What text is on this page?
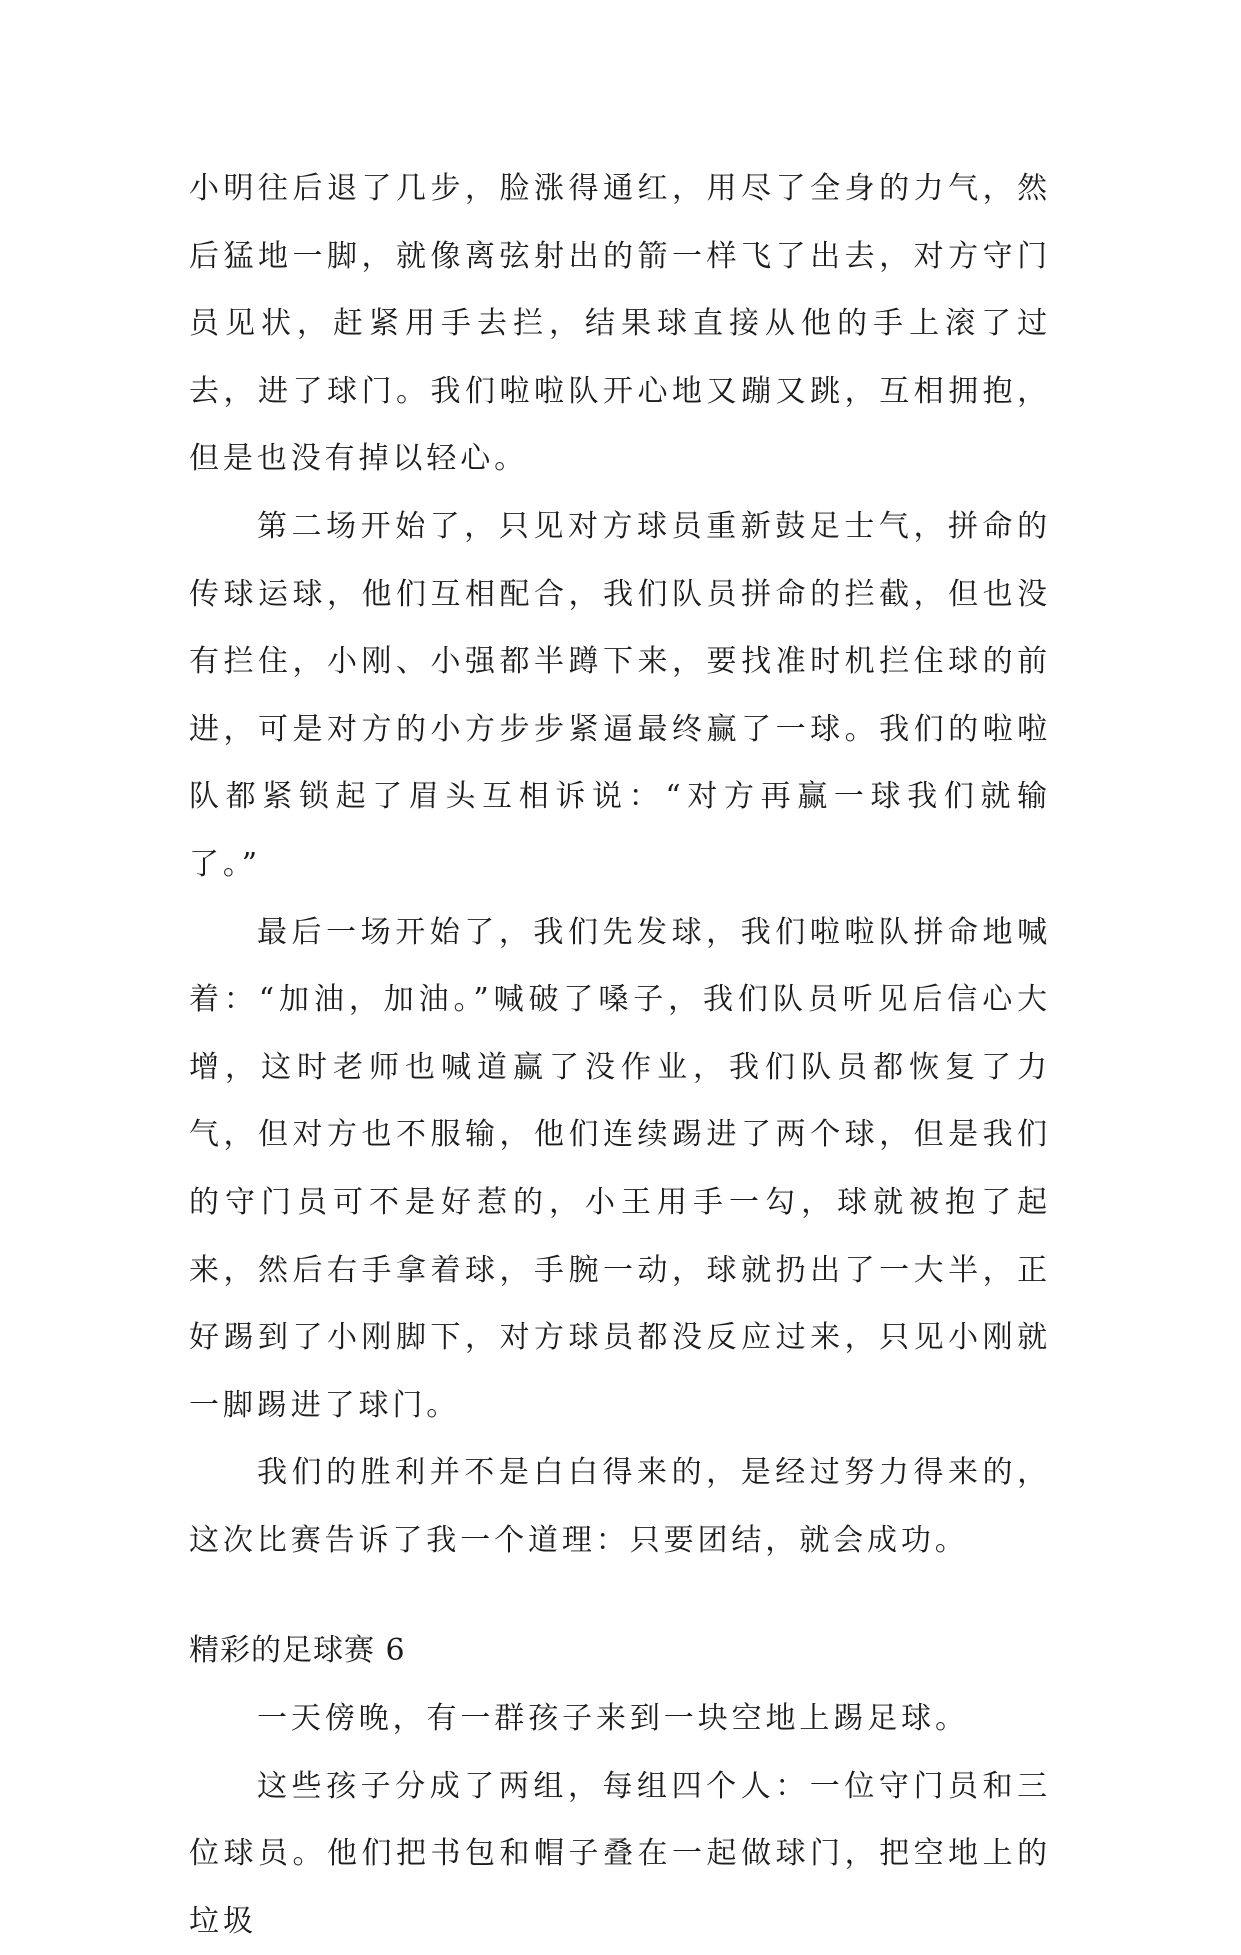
小明往后退了几步，脸涨得通红，用尽了全身的力气，然后猛地一脚，就像离弦射出的箭一样飞了出去，对方守门员见状，赶紧用手去拦，结果球直接从他的手上滚了过去，进了球门。我们啦啦队开心地又蹦又跳，互相拥抱，但是也没有掉以轻心。

第二场开始了，只见对方球员重新鼓足士气，拼命的传球运球，他们互相配合，我们队员拼命的拦截，但也没有拦住，小刚、小强都半蹲下来，要找准时机拦住球的前进，可是对方的小方步步紧逼最终赢了一球。我们的啦啦队都紧锁起了眉头互相诉说：“对方再赢一球我们就输了。”

最后一场开始了，我们先发球，我们啦啦队拼命地喊着：“加油，加油。”喊破了嗓子，我们队员听见后信心大增，这时老师也喊道赢了没作业，我们队员都恢复了力气，但对方也不服输，他们连续踢进了两个球，但是我们的守门员可不是好惹的，小王用手一勾，球就被抱了起来，然后右手拿着球，手腕一动，球就扔出了一大半，正好踢到了小刚脚下，对方球员都没反应过来，只见小刚就一脚踢进了球门。

我们的胜利并不是白白得来的，是经过努力得来的，这次比赛告诉了我一个道理：只要团结，就会成功。

精彩的足球赛 6

一天傍晚，有一群孩子来到一块空地上踢足球。

这些孩子分成了两组，每组四个人：一位守门员和三位球员。他们把书包和帽子叠在一起做球门，把空地上的垃圾
